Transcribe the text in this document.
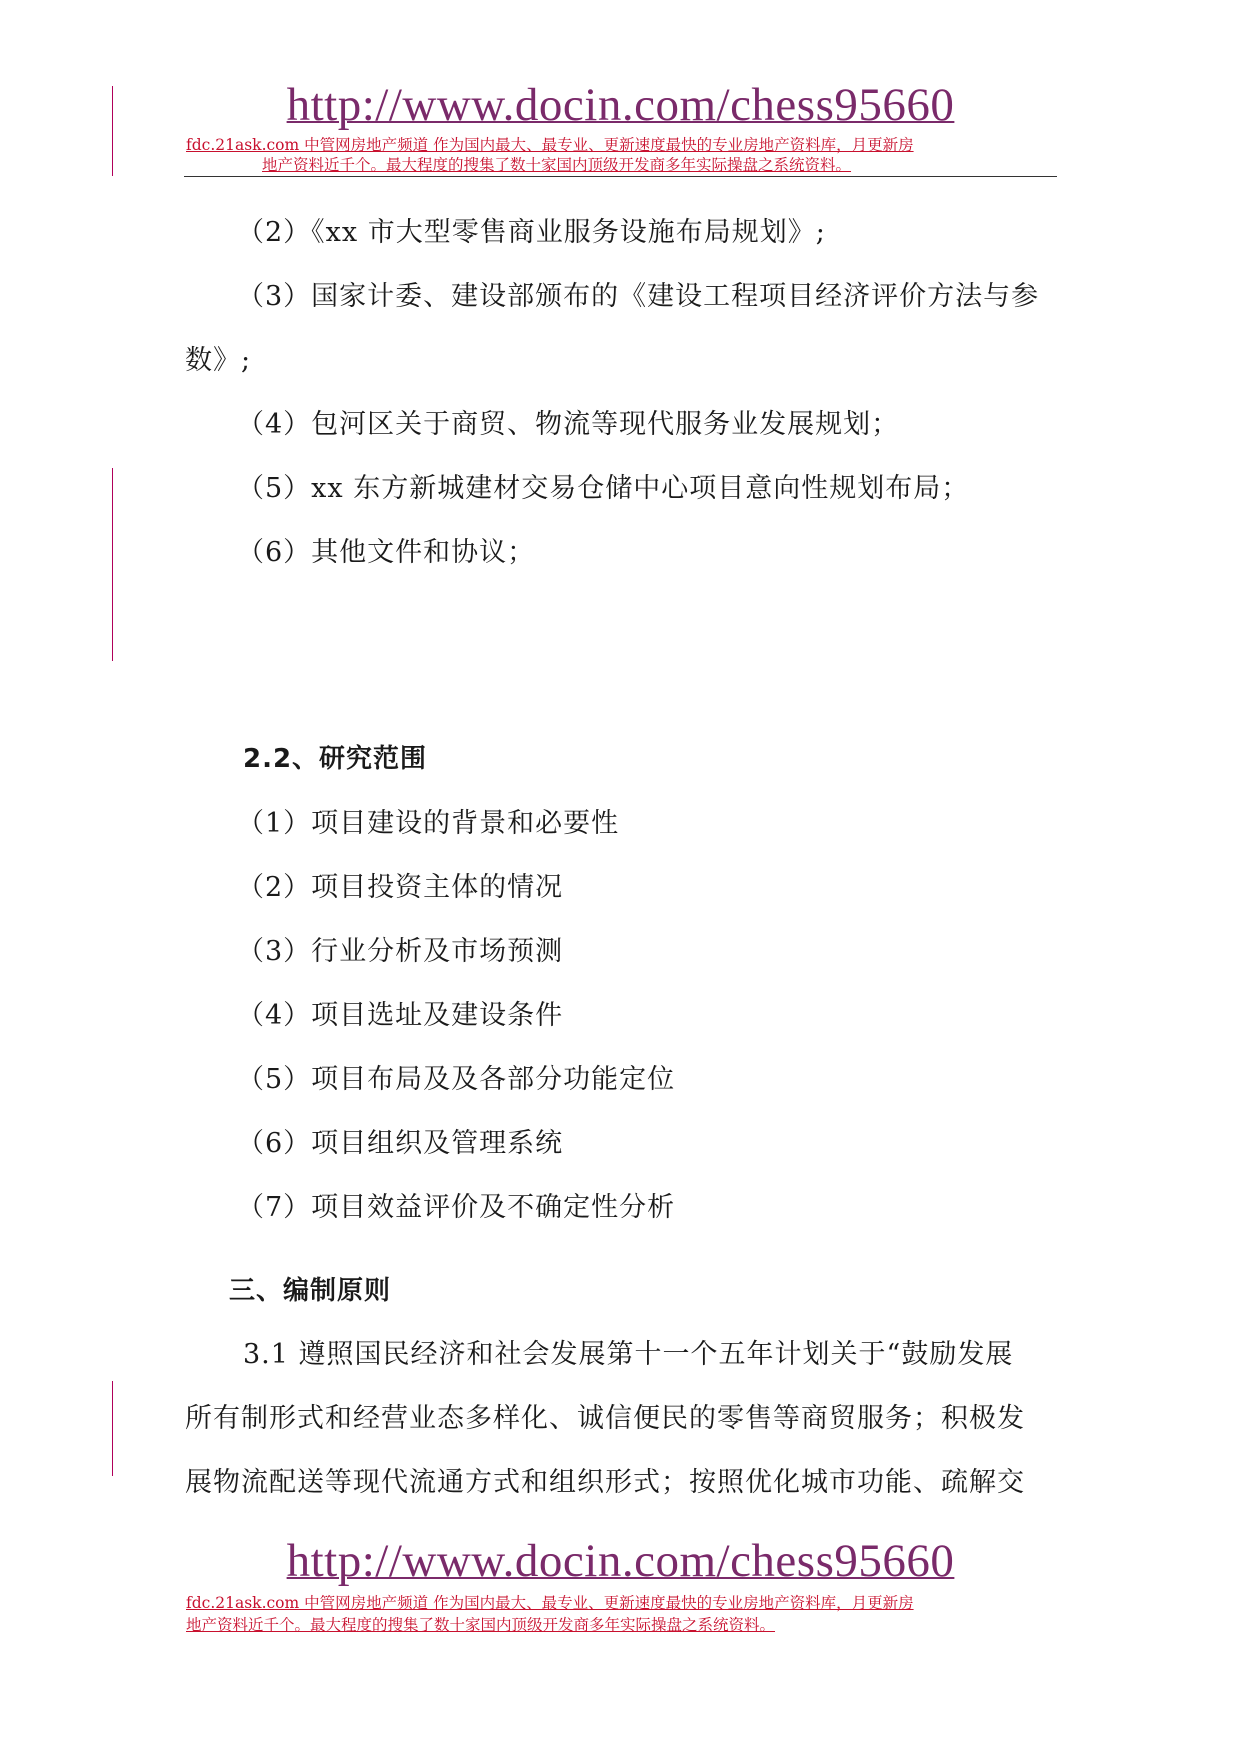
http://www.docin.com/chess95660
fdc.21ask.com 中管网房地产频道 作为国内最大、最专业、更新速度最快的专业房地产资料库，月更新房
地产资料近千个。最大程度的搜集了数十家国内顶级开发商多年实际操盘之系统资料。
（2）《xx 市大型零售商业服务设施布局规划》;
（3）国家计委、建设部颁布的《建设工程项目经济评价方法与参
数》;
（4）包河区关于商贸、物流等现代服务业发展规划；
（5）xx 东方新城建材交易仓储中心项目意向性规划布局；
（6）其他文件和协议；
2.2、研究范围
（1）项目建设的背景和必要性
（2）项目投资主体的情况
（3）行业分析及市场预测
（4）项目选址及建设条件
（5）项目布局及及各部分功能定位
（6）项目组织及管理系统
（7）项目效益评价及不确定性分析
三、编制原则
3.1 遵照国民经济和社会发展第十一个五年计划关于“鼓励发展
所有制形式和经营业态多样化、诚信便民的零售等商贸服务；积极发
展物流配送等现代流通方式和组织形式；按照优化城市功能、疏解交
http://www.docin.com/chess95660
fdc.21ask.com 中管网房地产频道 作为国内最大、最专业、更新速度最快的专业房地产资料库，月更新房
地产资料近千个。最大程度的搜集了数十家国内顶级开发商多年实际操盘之系统资料。
